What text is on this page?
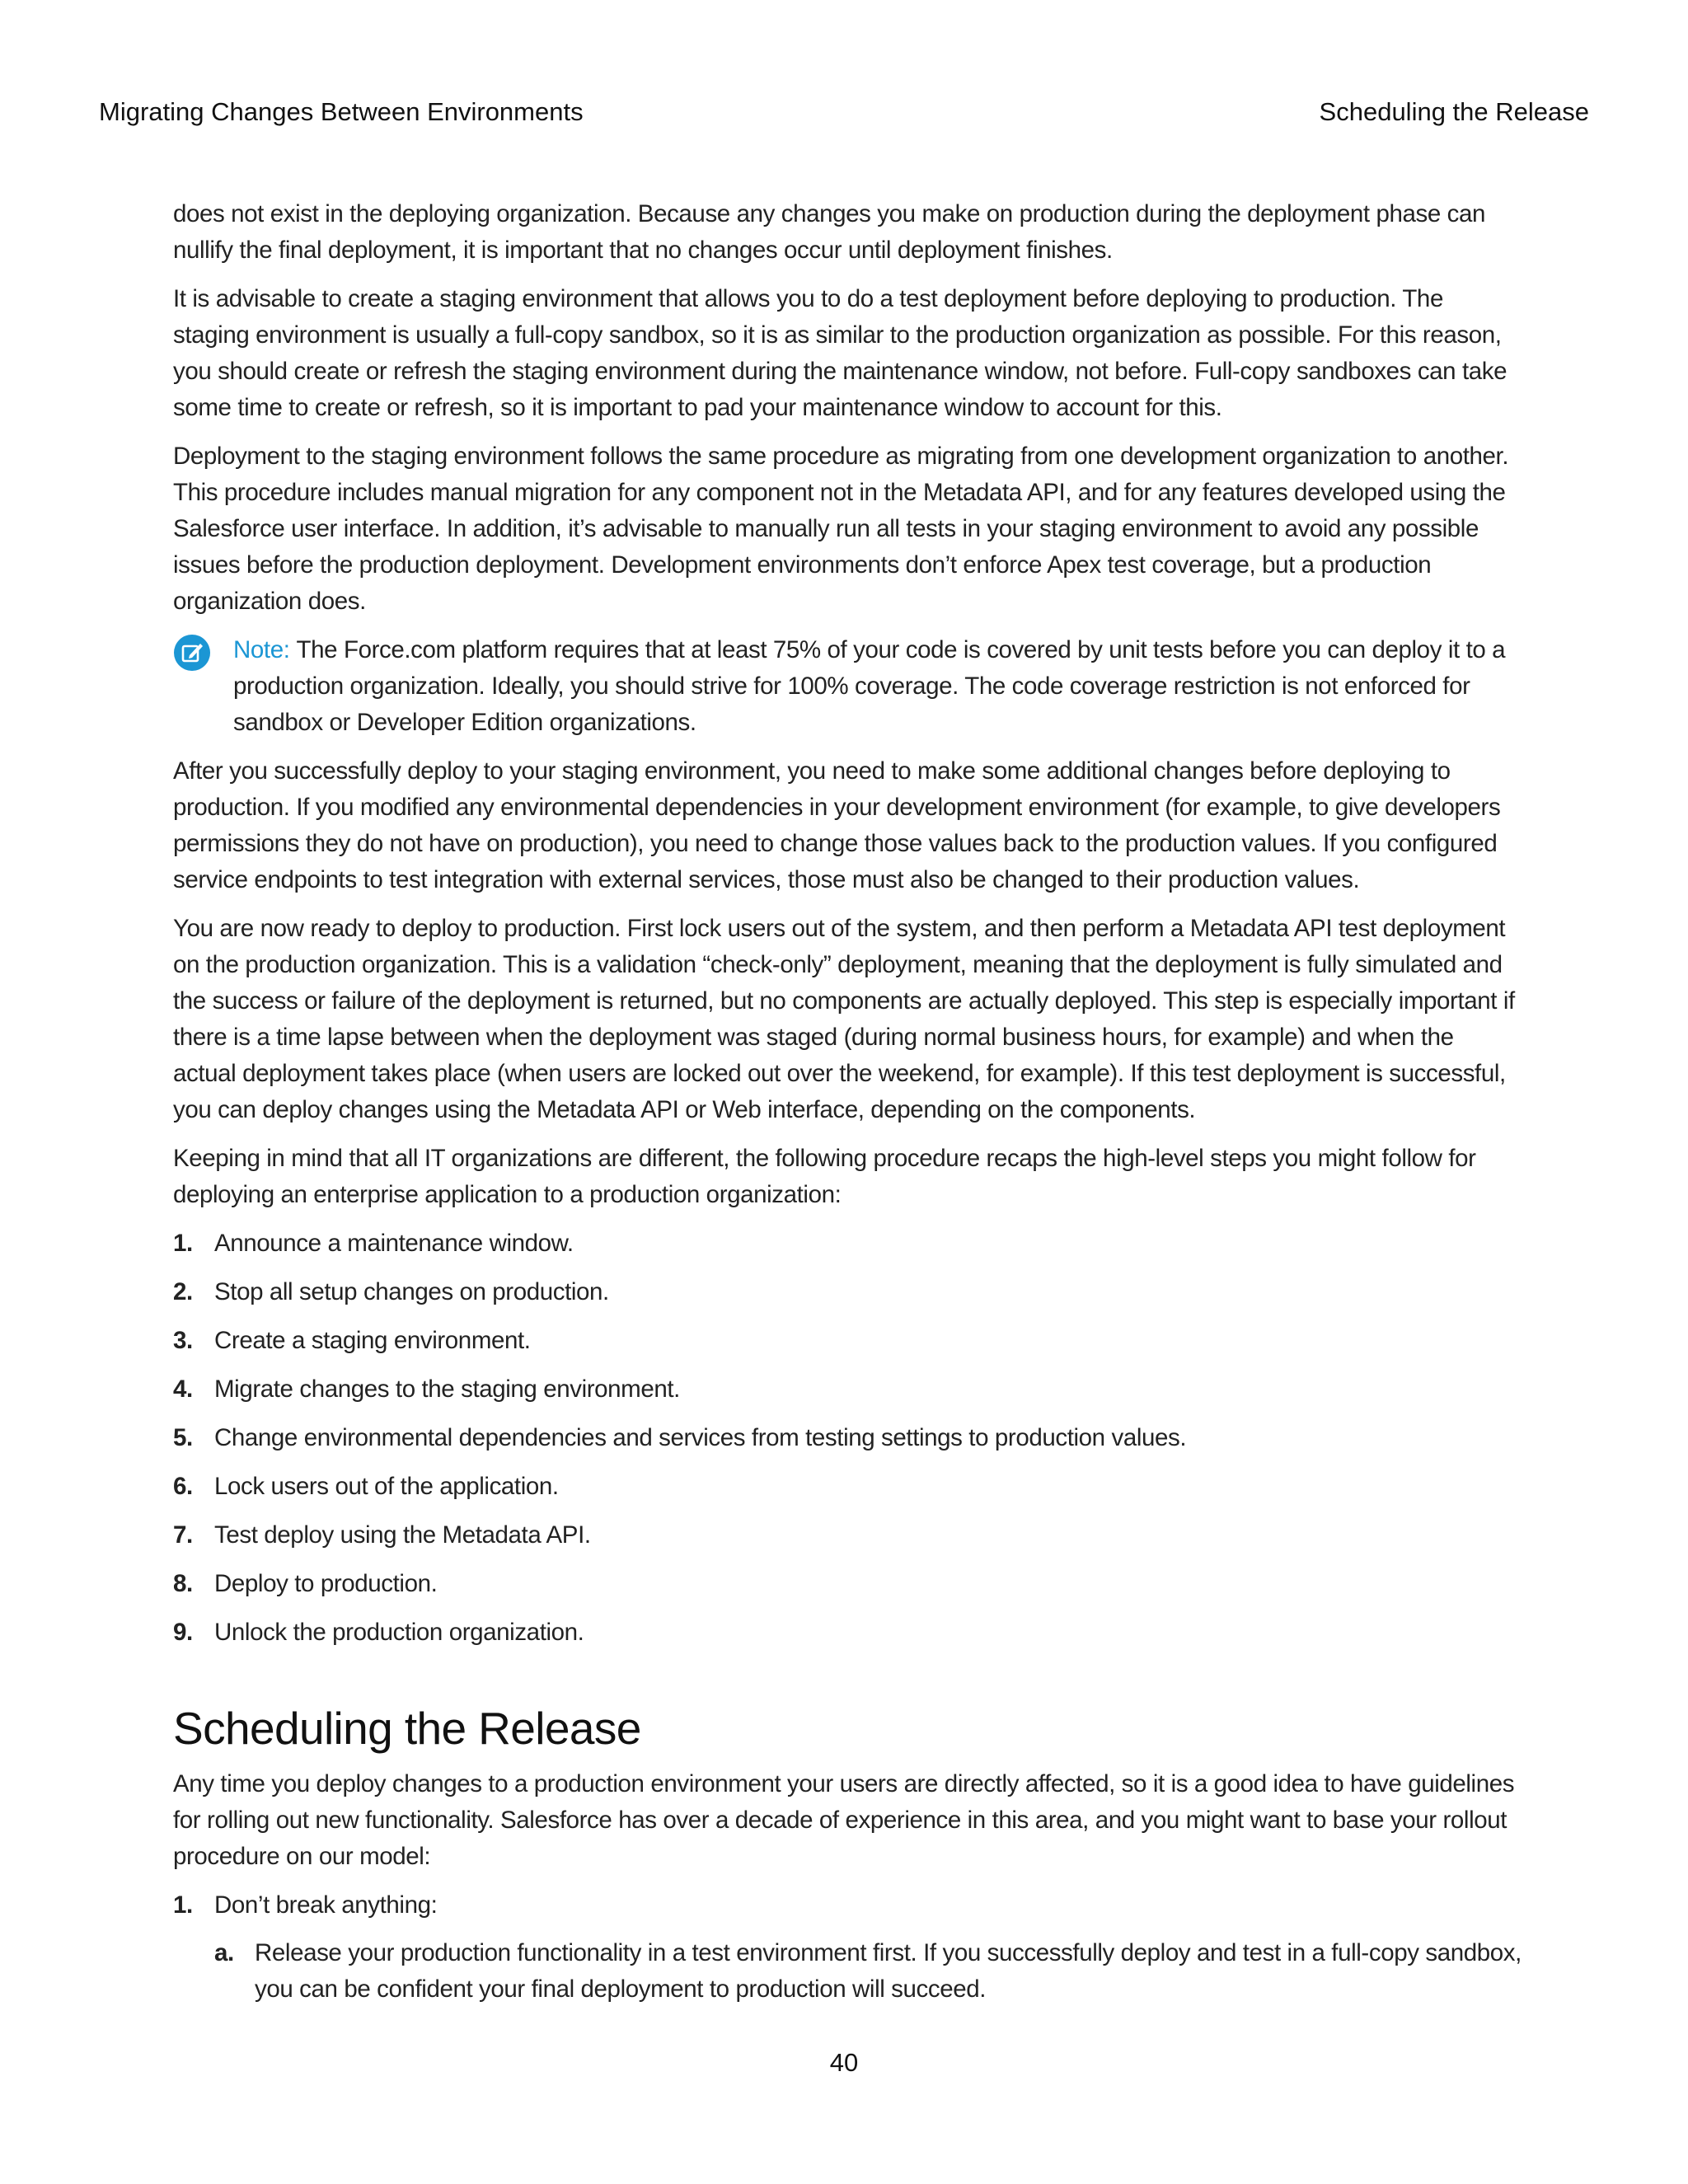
Migrating Changes Between Environments	Scheduling the Release

does not exist in the deploying organization. Because any changes you make on production during the deployment phase can nullify the final deployment, it is important that no changes occur until deployment finishes.

It is advisable to create a staging environment that allows you to do a test deployment before deploying to production. The staging environment is usually a full-copy sandbox, so it is as similar to the production organization as possible. For this reason, you should create or refresh the staging environment during the maintenance window, not before. Full-copy sandboxes can take some time to create or refresh, so it is important to pad your maintenance window to account for this.

Deployment to the staging environment follows the same procedure as migrating from one development organization to another. This procedure includes manual migration for any component not in the Metadata API, and for any features developed using the Salesforce user interface. In addition, it’s advisable to manually run all tests in your staging environment to avoid any possible issues before the production deployment. Development environments don’t enforce Apex test coverage, but a production organization does.

Note: The Force.com platform requires that at least 75% of your code is covered by unit tests before you can deploy it to a production organization. Ideally, you should strive for 100% coverage. The code coverage restriction is not enforced for sandbox or Developer Edition organizations.

After you successfully deploy to your staging environment, you need to make some additional changes before deploying to production. If you modified any environmental dependencies in your development environment (for example, to give developers permissions they do not have on production), you need to change those values back to the production values. If you configured service endpoints to test integration with external services, those must also be changed to their production values.

You are now ready to deploy to production. First lock users out of the system, and then perform a Metadata API test deployment on the production organization. This is a validation “check-only” deployment, meaning that the deployment is fully simulated and the success or failure of the deployment is returned, but no components are actually deployed. This step is especially important if there is a time lapse between when the deployment was staged (during normal business hours, for example) and when the actual deployment takes place (when users are locked out over the weekend, for example). If this test deployment is successful, you can deploy changes using the Metadata API or Web interface, depending on the components.

Keeping in mind that all IT organizations are different, the following procedure recaps the high-level steps you might follow for deploying an enterprise application to a production organization:

1. Announce a maintenance window.
2. Stop all setup changes on production.
3. Create a staging environment.
4. Migrate changes to the staging environment.
5. Change environmental dependencies and services from testing settings to production values.
6. Lock users out of the application.
7. Test deploy using the Metadata API.
8. Deploy to production.
9. Unlock the production organization.
Scheduling the Release

Any time you deploy changes to a production environment your users are directly affected, so it is a good idea to have guidelines for rolling out new functionality. Salesforce has over a decade of experience in this area, and you might want to base your rollout procedure on our model:

1. Don’t break anything:
a. Release your production functionality in a test environment first. If you successfully deploy and test in a full-copy sandbox, you can be confident your final deployment to production will succeed.
40
